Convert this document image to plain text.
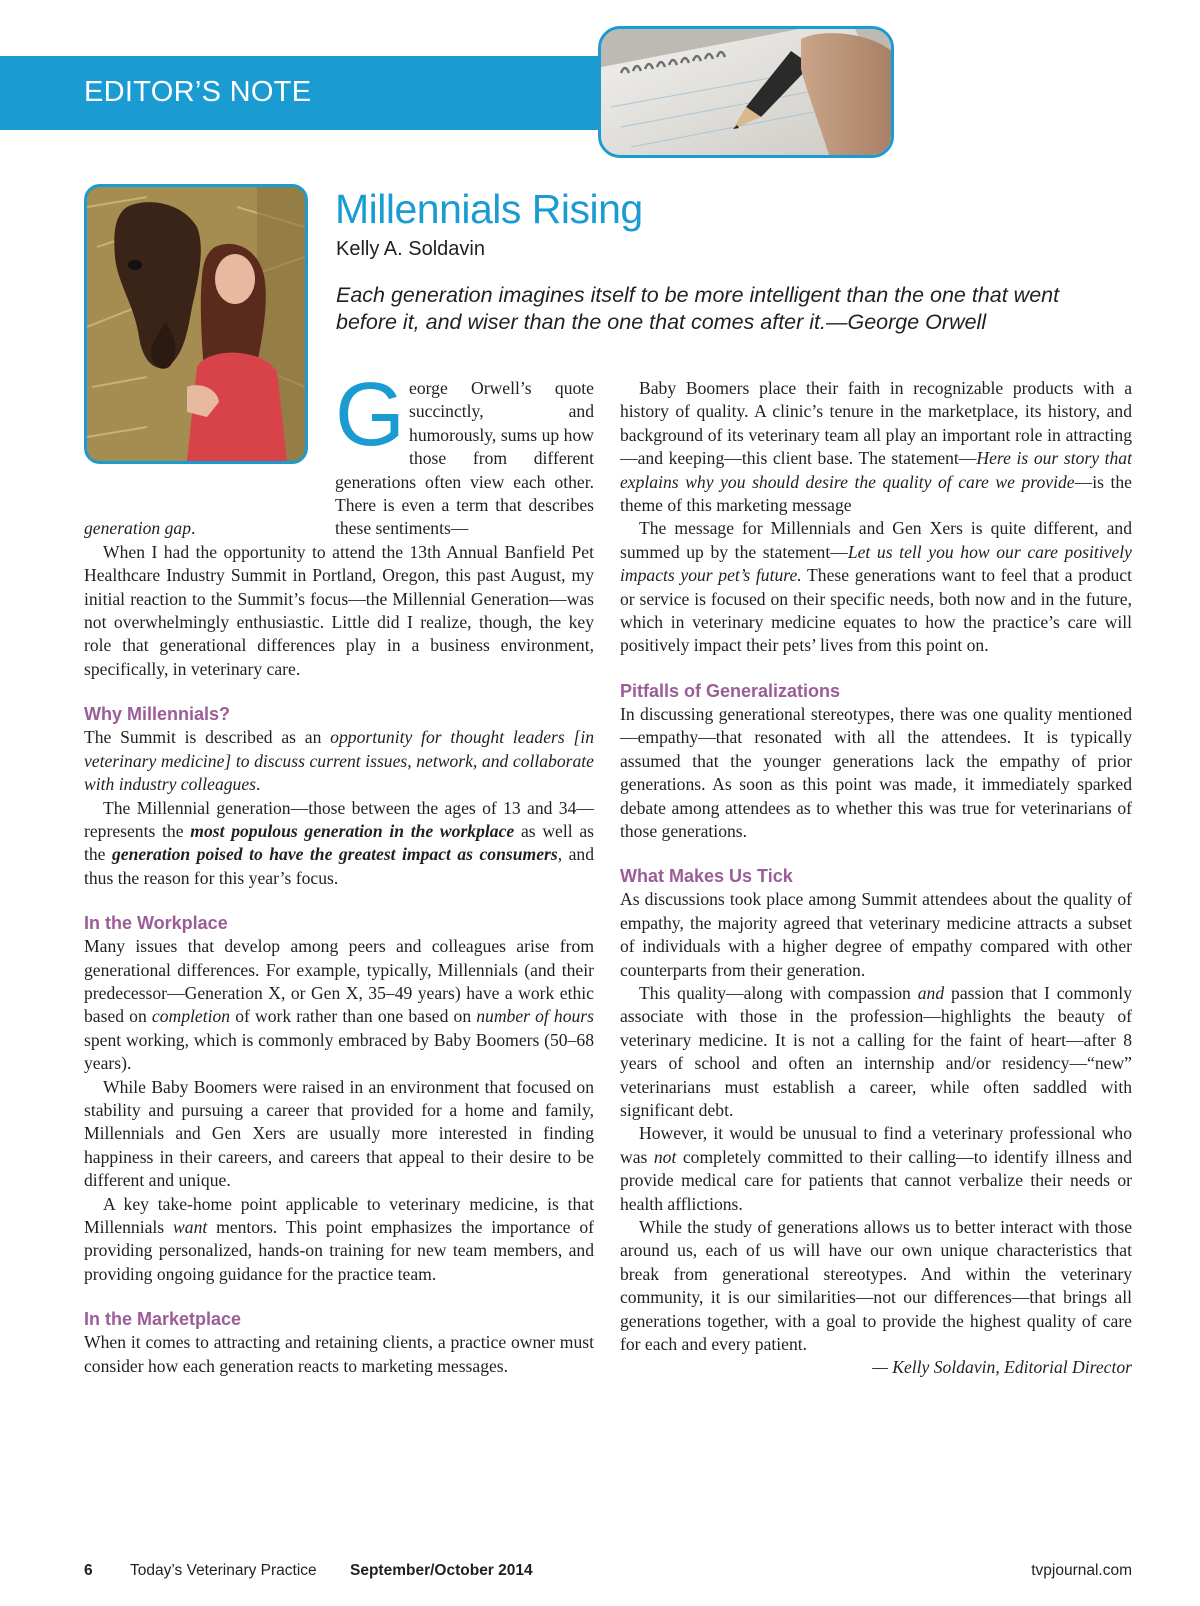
EDITOR’S NOTE
Millennials Rising
Kelly A. Soldavin
Each generation imagines itself to be more intelligent than the one that went before it, and wiser than the one that comes after it.—George Orwell

George Orwell’s quote succinctly, and humorously, sums up how those from different generations often view each other. There is even a term that describes these sentiments—

generation gap.

When I had the opportunity to attend the 13th Annual Banfield Pet Healthcare Industry Summit in Portland, Oregon, this past August, my initial reaction to the Summit’s focus—the Millennial Generation—was not overwhelmingly enthusiastic. Little did I realize, though, the key role that generational differences play in a business environment, specifically, in veterinary care.

Why Millennials?

The Summit is described as an opportunity for thought leaders [in veterinary medicine] to discuss current issues, network, and collaborate with industry colleagues.

The Millennial generation—those between the ages of 13 and 34—represents the most populous generation in the workplace as well as the generation poised to have the greatest impact as consumers, and thus the reason for this year’s focus.

In the Workplace

Many issues that develop among peers and colleagues arise from generational differences. For example, typically, Millennials (and their predecessor—Generation X, or Gen X, 35–49 years) have a work ethic based on completion of work rather than one based on number of hours spent working, which is commonly embraced by Baby Boomers (50–68 years).

While Baby Boomers were raised in an environment that focused on stability and pursuing a career that provided for a home and family, Millennials and Gen Xers are usually more interested in finding happiness in their careers, and careers that appeal to their desire to be different and unique.

A key take-home point applicable to veterinary medicine, is that Millennials want mentors. This point emphasizes the importance of providing personalized, hands-on training for new team members, and providing ongoing guidance for the practice team.

In the Marketplace

When it comes to attracting and retaining clients, a practice owner must consider how each generation reacts to marketing messages.

Baby Boomers place their faith in recognizable products with a history of quality. A clinic’s tenure in the marketplace, its history, and background of its veterinary team all play an important role in attracting—and keeping—this client base. The statement—Here is our story that explains why you should desire the quality of care we provide—is the theme of this marketing message

The message for Millennials and Gen Xers is quite different, and summed up by the statement—Let us tell you how our care positively impacts your pet’s future. These generations want to feel that a product or service is focused on their specific needs, both now and in the future, which in veterinary medicine equates to how the practice’s care will positively impact their pets’ lives from this point on.

Pitfalls of Generalizations

In discussing generational stereotypes, there was one quality mentioned—empathy—that resonated with all the attendees. It is typically assumed that the younger generations lack the empathy of prior generations. As soon as this point was made, it immediately sparked debate among attendees as to whether this was true for veterinarians of those generations.

What Makes Us Tick

As discussions took place among Summit attendees about the quality of empathy, the majority agreed that veterinary medicine attracts a subset of individuals with a higher degree of empathy compared with other counterparts from their generation.

This quality—along with compassion and passion that I commonly associate with those in the profession—highlights the beauty of veterinary medicine. It is not a calling for the faint of heart—after 8 years of school and often an internship and/or residency—“new” veterinarians must establish a career, while often saddled with significant debt.

However, it would be unusual to find a veterinary professional who was not completely committed to their calling—to identify illness and provide medical care for patients that cannot verbalize their needs or health afflictions.

While the study of generations allows us to better interact with those around us, each of us will have our own unique characteristics that break from generational stereotypes. And within the veterinary community, it is our similarities—not our differences—that brings all generations together, with a goal to provide the highest quality of care for each and every patient.

— Kelly Soldavin, Editorial Director

6 Today’s Veterinary Practice September/October 2014	tvpjournal.com
